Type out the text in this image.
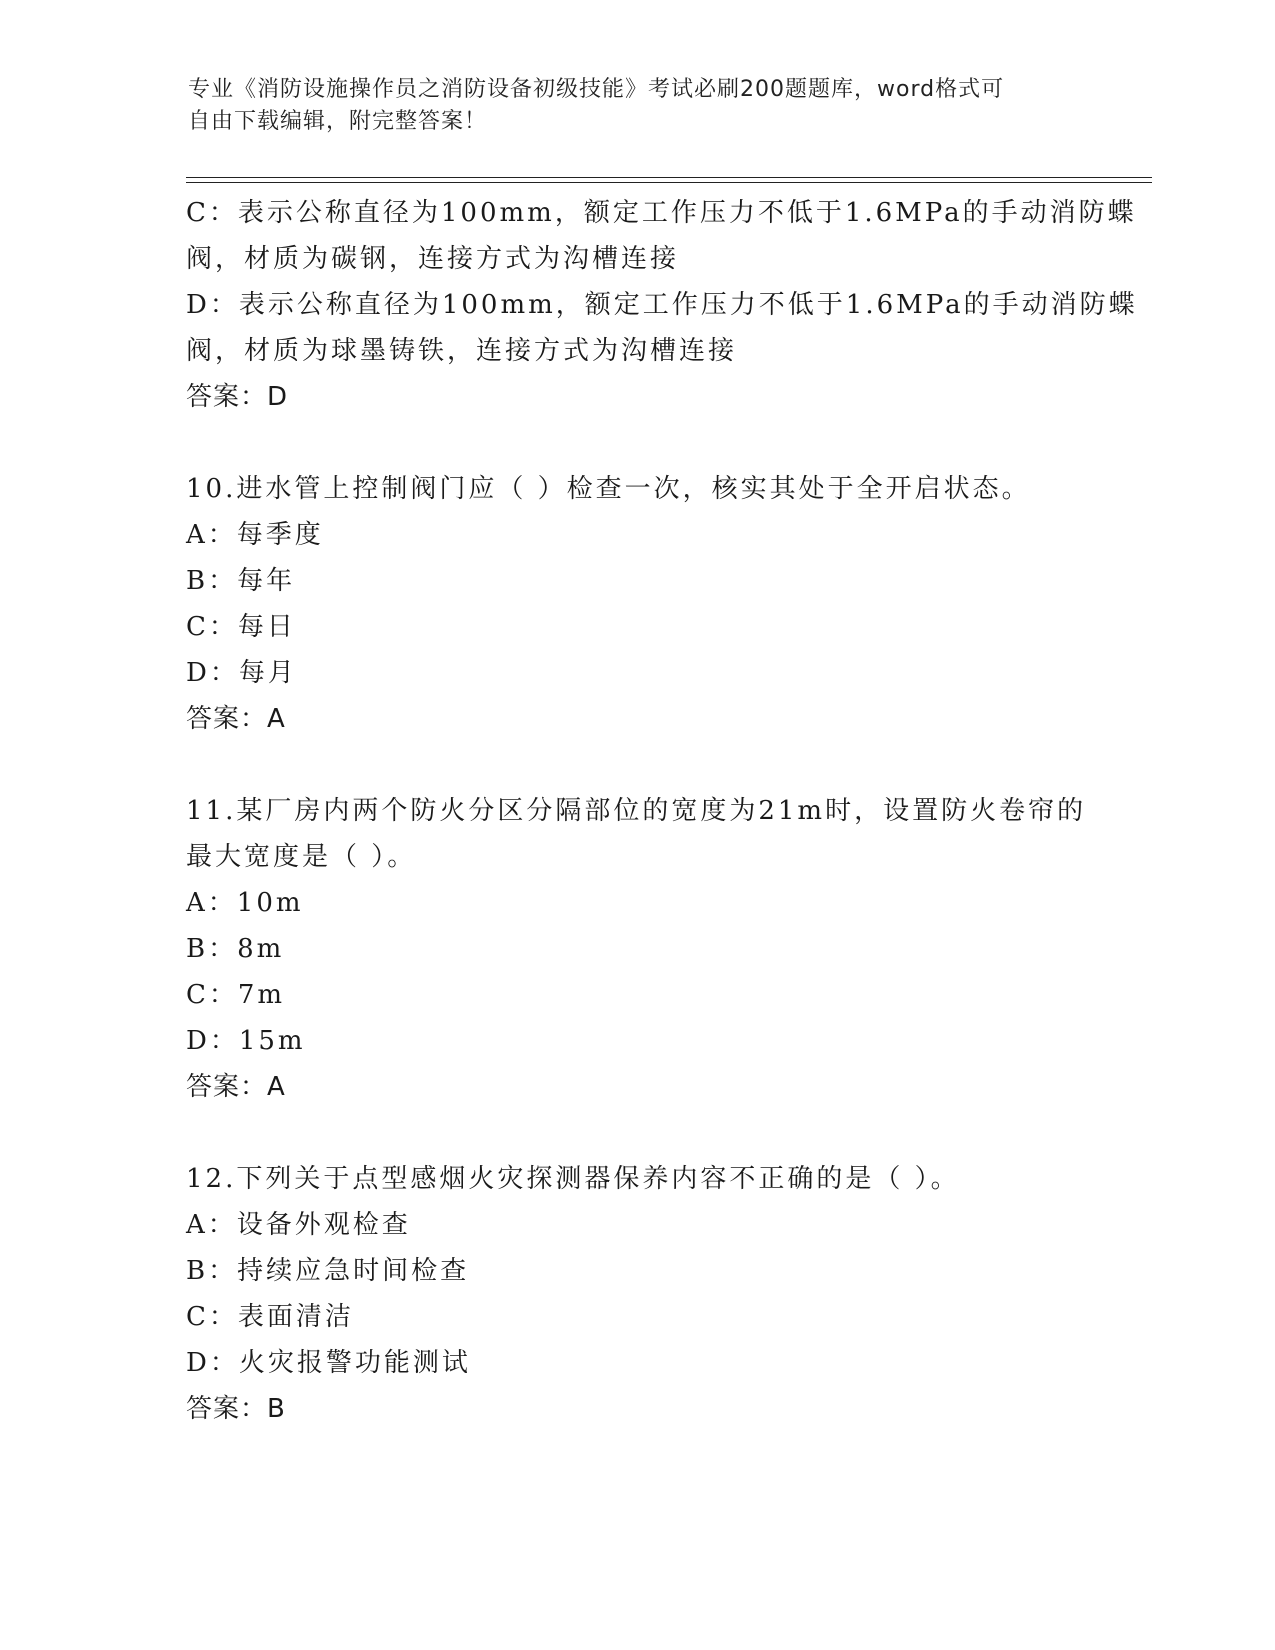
专业《消防设施操作员之消防设备初级技能》考试必刷200题题库，word格式可
自由下载编辑，附完整答案！
C：表示公称直径为100mm，额定工作压力不低于1.6MPa的手动消防蝶
阀，材质为碳钢，连接方式为沟槽连接
D：表示公称直径为100mm，额定工作压力不低于1.6MPa的手动消防蝶
阀，材质为球墨铸铁，连接方式为沟槽连接
答案：D
10.进水管上控制阀门应（ ）检查一次，核实其处于全开启状态。
A：每季度
B：每年
C：每日
D：每月
答案：A
11.某厂房内两个防火分区分隔部位的宽度为21m时，设置防火卷帘的
最大宽度是（ ）。
A：10m
B：8m
C：7m
D：15m
答案：A
12.下列关于点型感烟火灾探测器保养内容不正确的是（ ）。
A：设备外观检查
B：持续应急时间检查
C：表面清洁
D：火灾报警功能测试
答案：B
